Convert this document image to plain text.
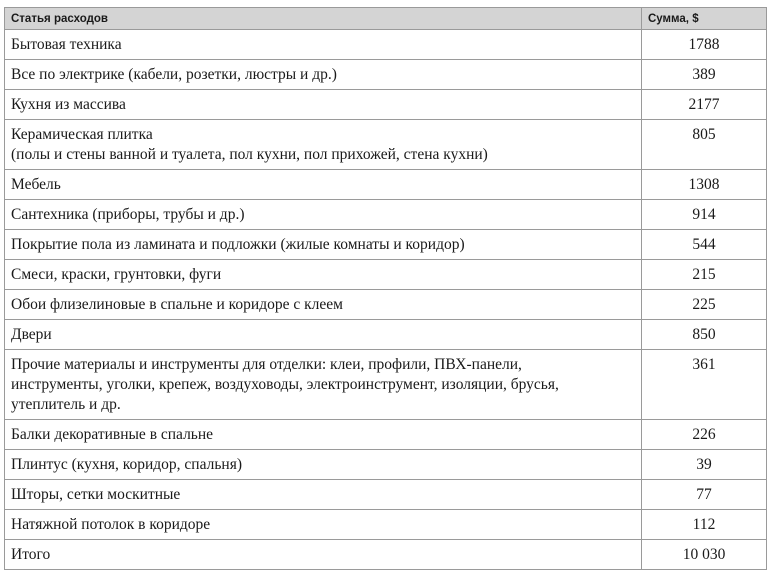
Статья расходов	Сумма, $

Бытовая техника	1788

Все по электрике (кабели, розетки, люстры и др.)	389

Кухня из массива	2177

Керамическая плитка
(полы и стены ванной и туалета, пол кухни, пол прихожей, стена кухни)	805

Мебель	1308

Сантехника (приборы, трубы и др.)	914

Покрытие пола из ламината и подложки (жилые комнаты и коридор)	544

Смеси, краски, грунтовки, фуги	215

Обои флизелиновые в спальне и коридоре с клеем	225

Двери	850

Прочие материалы и инструменты для отделки: клеи, профили, ПВХ-панели,
инструменты, уголки, крепеж, воздуховоды, электроинструмент, изоляции, брусья,
утеплитель и др.	361

Балки декоративные в спальне	226

Плинтус (кухня, коридор, спальня)	39

Шторы, сетки москитные	77

Натяжной потолок в коридоре	112

Итого	10 030
